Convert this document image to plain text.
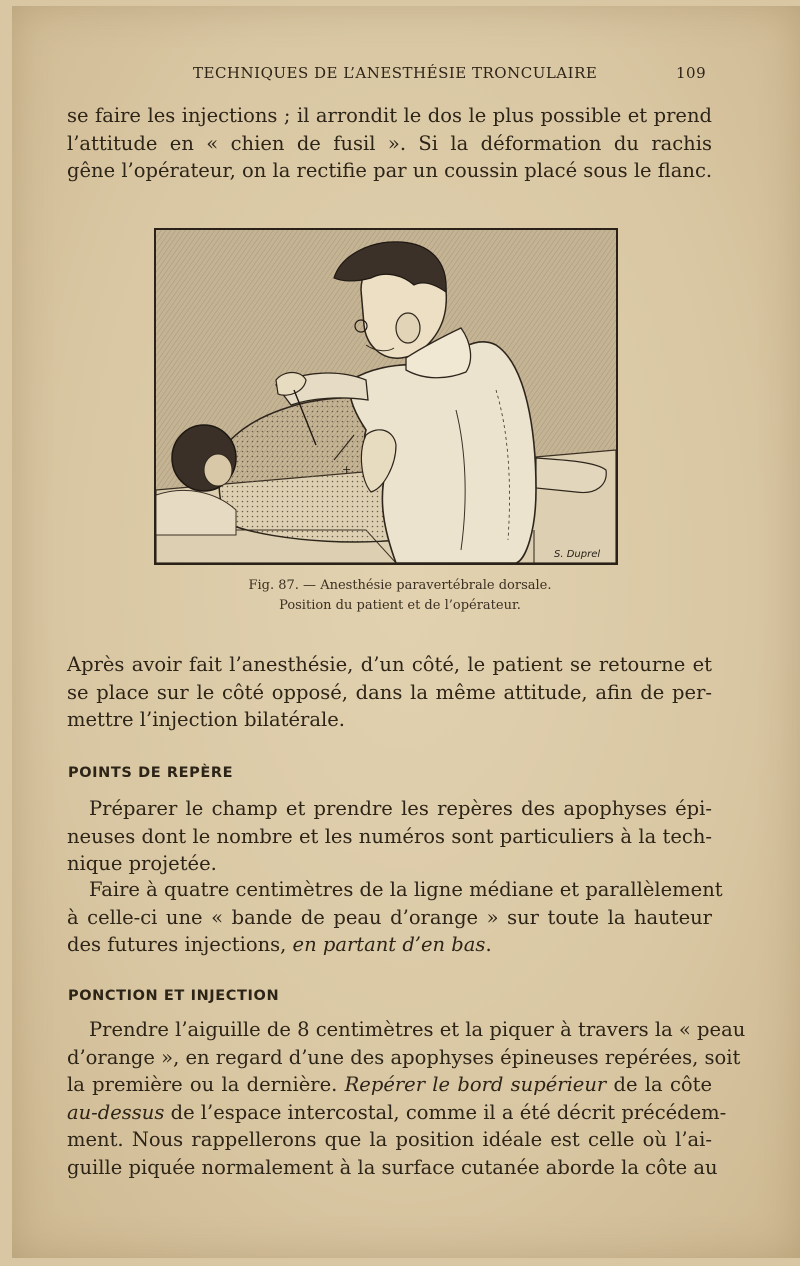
TECHNIQUES DE L’ANESTHÉSIE TRONCULAIRE	109
se faire les injections ; il arrondit le dos le plus possible et prend
l’attitude en « chien de fusil ». Si la déformation du rachis
gêne l’opérateur, on la rectifie par un coussin placé sous le flanc.
+
S. Duprel
Fig. 87. — Anesthésie paravertébrale dorsale.
Position du patient et de l’opérateur.
Après avoir fait l’anesthésie, d’un côté, le patient se retourne et
se place sur le côté opposé, dans la même attitude, afin de per-
mettre l’injection bilatérale.
POINTS DE REPÈRE
Préparer le champ et prendre les repères des apophyses épi-
neuses dont le nombre et les numéros sont particuliers à la tech-
nique projetée.
Faire à quatre centimètres de la ligne médiane et parallèlement
à celle-ci une « bande de peau d’orange » sur toute la hauteur
des futures injections, en partant d’en bas.
PONCTION ET INJECTION
Prendre l’aiguille de 8 centimètres et la piquer à travers la « peau
d’orange », en regard d’une des apophyses épineuses repérées, soit
la première ou la dernière. Repérer le bord supérieur de la côte
au-dessus de l’espace intercostal, comme il a été décrit précédem-
ment. Nous rappellerons que la position idéale est celle où l’ai-
guille piquée normalement à la surface cutanée aborde la côte au
